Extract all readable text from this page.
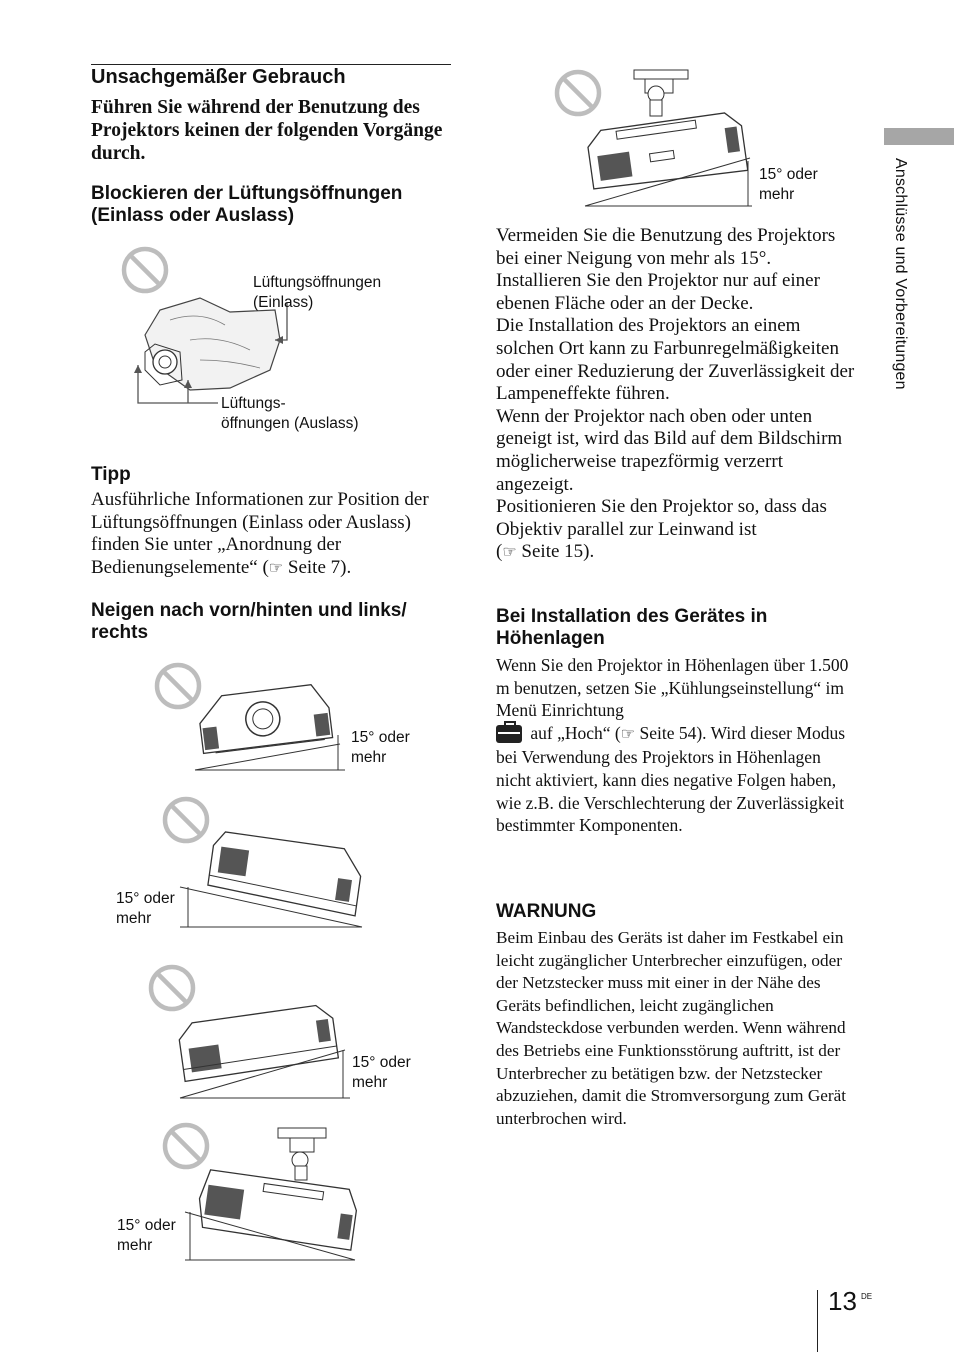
Unsachgemäßer Gebrauch
Führen Sie während der Benutzung des Projektors keinen der folgenden Vorgänge durch.
Blockieren der Lüftungsöffnungen (Einlass oder Auslass)
Lüftungsöffnungen
(Einlass)
Lüftungs-
öffnungen (Auslass)
Tipp

Ausführliche Informationen zur Position der Lüftungsöffnungen (Einlass oder Auslass) finden Sie unter „Anordnung der Bedienungselemente“ (☞ Seite 7).

Neigen nach vorn/hinten und links/ rechts
15° oder
mehr
15° oder
mehr
15° oder
mehr
15° oder
mehr
15° oder
mehr

Vermeiden Sie die Benutzung des Projektors bei einer Neigung von mehr als 15°. Installieren Sie den Projektor nur auf einer ebenen Fläche oder an der Decke.

Die Installation des Projektors an einem solchen Ort kann zu Farbunregelmäßigkeiten oder einer Reduzierung der Zuverlässigkeit der Lampeneffekte führen.

Wenn der Projektor nach oben oder unten geneigt ist, wird das Bild auf dem Bildschirm möglicherweise trapezförmig verzerrt angezeigt.

Positionieren Sie den Projektor so, dass das Objektiv parallel zur Leinwand ist
(☞ Seite 15).

Bei Installation des Gerätes in Höhenlagen

Wenn Sie den Projektor in Höhenlagen über 1.500 m benutzen, setzen Sie „Kühlungseinstellung“ im Menü Einrichtung

auf „Hoch“ (☞ Seite 54). Wird dieser Modus bei Verwendung des Projektors in Höhenlagen nicht aktiviert, kann dies negative Folgen haben, wie z.B. die Verschlechterung der Zuverlässigkeit bestimmter Komponenten.

WARNUNG

Beim Einbau des Geräts ist daher im Festkabel ein leicht zugänglicher Unterbrecher einzufügen, oder der Netzstecker muss mit einer in der Nähe des Geräts befindlichen, leicht zugänglichen Wandsteckdose verbunden werden. Wenn während des Betriebs eine Funktionsstörung auftritt, ist der Unterbrecher zu betätigen bzw. der Netzstecker abzuziehen, damit die Stromversorgung zum Gerät unterbrochen wird.

Anschlüsse und Vorbereitungen
13 DE
